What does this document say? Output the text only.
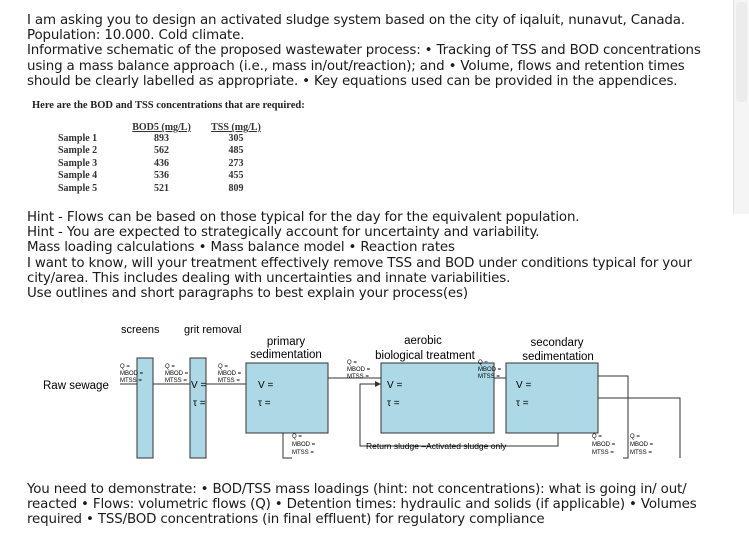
I am asking you to design an activated sludge system based on the city of iqaluit, nunavut, Canada.
Population: 10.000. Cold climate.
Informative schematic of the proposed wastewater process: • Tracking of TSS and BOD concentrations using a mass balance approach (i.e., mass in/out/reaction); and • Volume, flows and retention times should be clearly labelled as appropriate. • Key equations used can be provided in the appendices.
Here are the BOD and TSS concentrations that are required:
	BOD5 (mg/L)	TSS (mg/L)
Sample 1	893	305
Sample 2	562	485
Sample 3	436	273
Sample 4	536	455
Sample 5	521	809
Hint - Flows can be based on those typical for the day for the equivalent population.
Hint - You are expected to strategically account for uncertainty and variability.
Mass loading calculations • Mass balance model • Reaction rates
I want to know, will your treatment effectively remove TSS and BOD under conditions typical for your city/area. This includes dealing with uncertainties and innate variabilities.
Use outlines and short paragraphs to best explain your process(es)
screens grit removal
primary
sedimentation
aerobic
biological treatment
secondary
sedimentation
Raw sewage
Q =
MBOD =
MTSS =
Q =
MBOD =
MTSS =
Q =
MBOD =
MTSS =
Q =
MBOD =
MTSS =
Q =
MBOD =
MTSS =
Q =
MBOD =
MTSS =
Q =
MBOD =
MTSS =
Q =
MBOD =
MTSS =
V =
τ =
V =
τ =
V =
τ =
V =
τ =
Return sludge –Activated sludge only
You need to demonstrate: • BOD/TSS mass loadings (hint: not concentrations): what is going in/ out/ reacted • Flows: volumetric flows (Q) • Detention times: hydraulic and solids (if applicable) • Volumes required • TSS/BOD concentrations (in final effluent) for regulatory compliance
